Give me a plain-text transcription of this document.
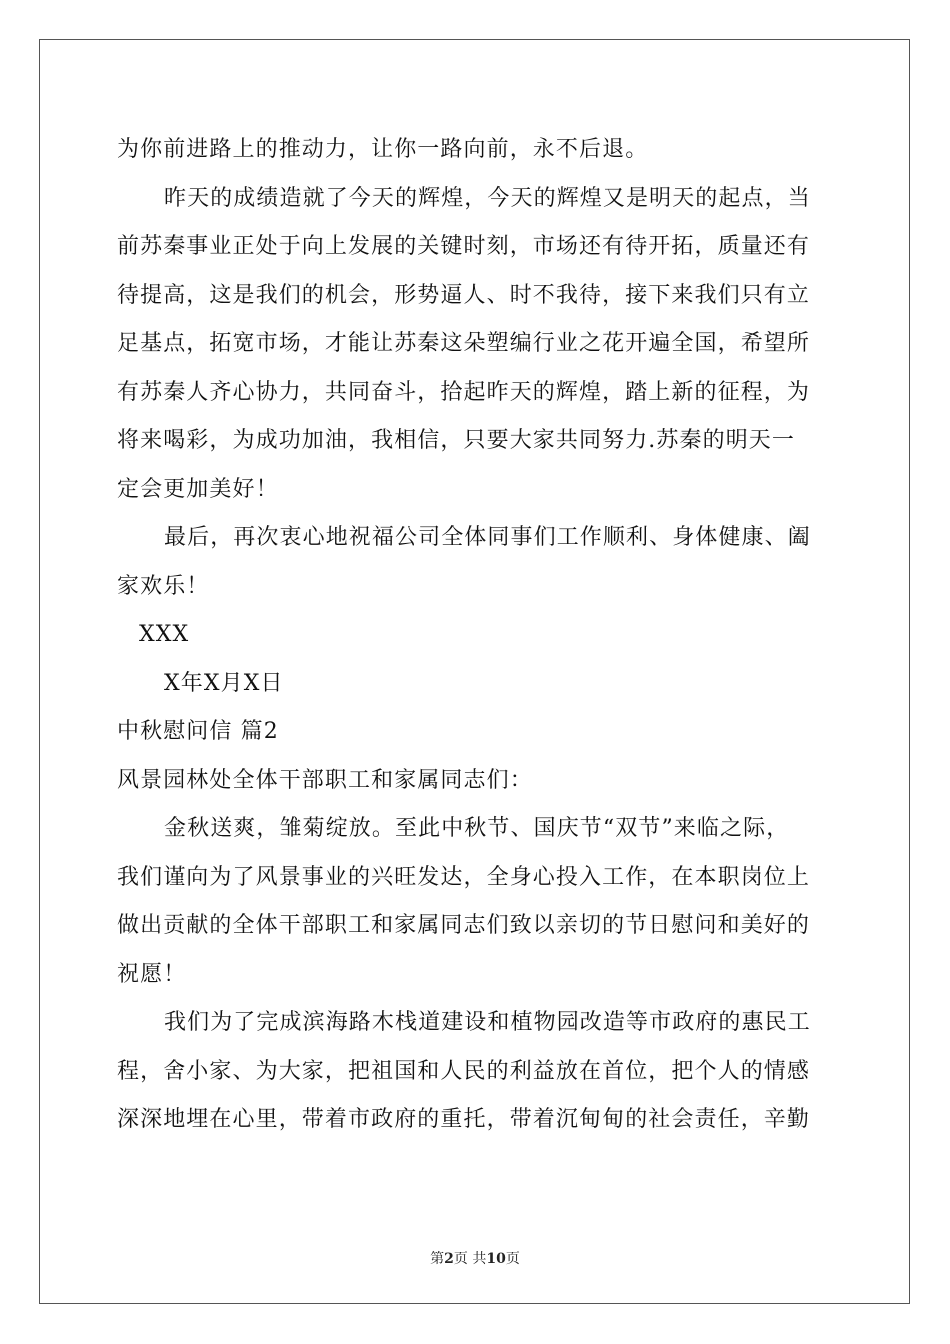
为你前进路上的推动力，让你一路向前，永不后退。
昨天的成绩造就了今天的辉煌，今天的辉煌又是明天的起点，当
前苏秦事业正处于向上发展的关键时刻，市场还有待开拓，质量还有
待提高，这是我们的机会，形势逼人、时不我待，接下来我们只有立
足基点，拓宽市场，才能让苏秦这朵塑编行业之花开遍全国，希望所
有苏秦人齐心协力，共同奋斗，拾起昨天的辉煌，踏上新的征程，为
将来喝彩，为成功加油，我相信，只要大家共同努力.苏秦的明天一
定会更加美好！
最后，再次衷心地祝福公司全体同事们工作顺利、身体健康、阖
家欢乐！
XXX
X年X月X日
中秋慰问信 篇2
风景园林处全体干部职工和家属同志们：
金秋送爽，雏菊绽放。至此中秋节、国庆节“双节”来临之际，
我们谨向为了风景事业的兴旺发达，全身心投入工作，在本职岗位上
做出贡献的全体干部职工和家属同志们致以亲切的节日慰问和美好的
祝愿！
我们为了完成滨海路木栈道建设和植物园改造等市政府的惠民工
程，舍小家、为大家，把祖国和人民的利益放在首位，把个人的情感
深深地埋在心里，带着市政府的重托，带着沉甸甸的社会责任，辛勤
第2页 共10页
